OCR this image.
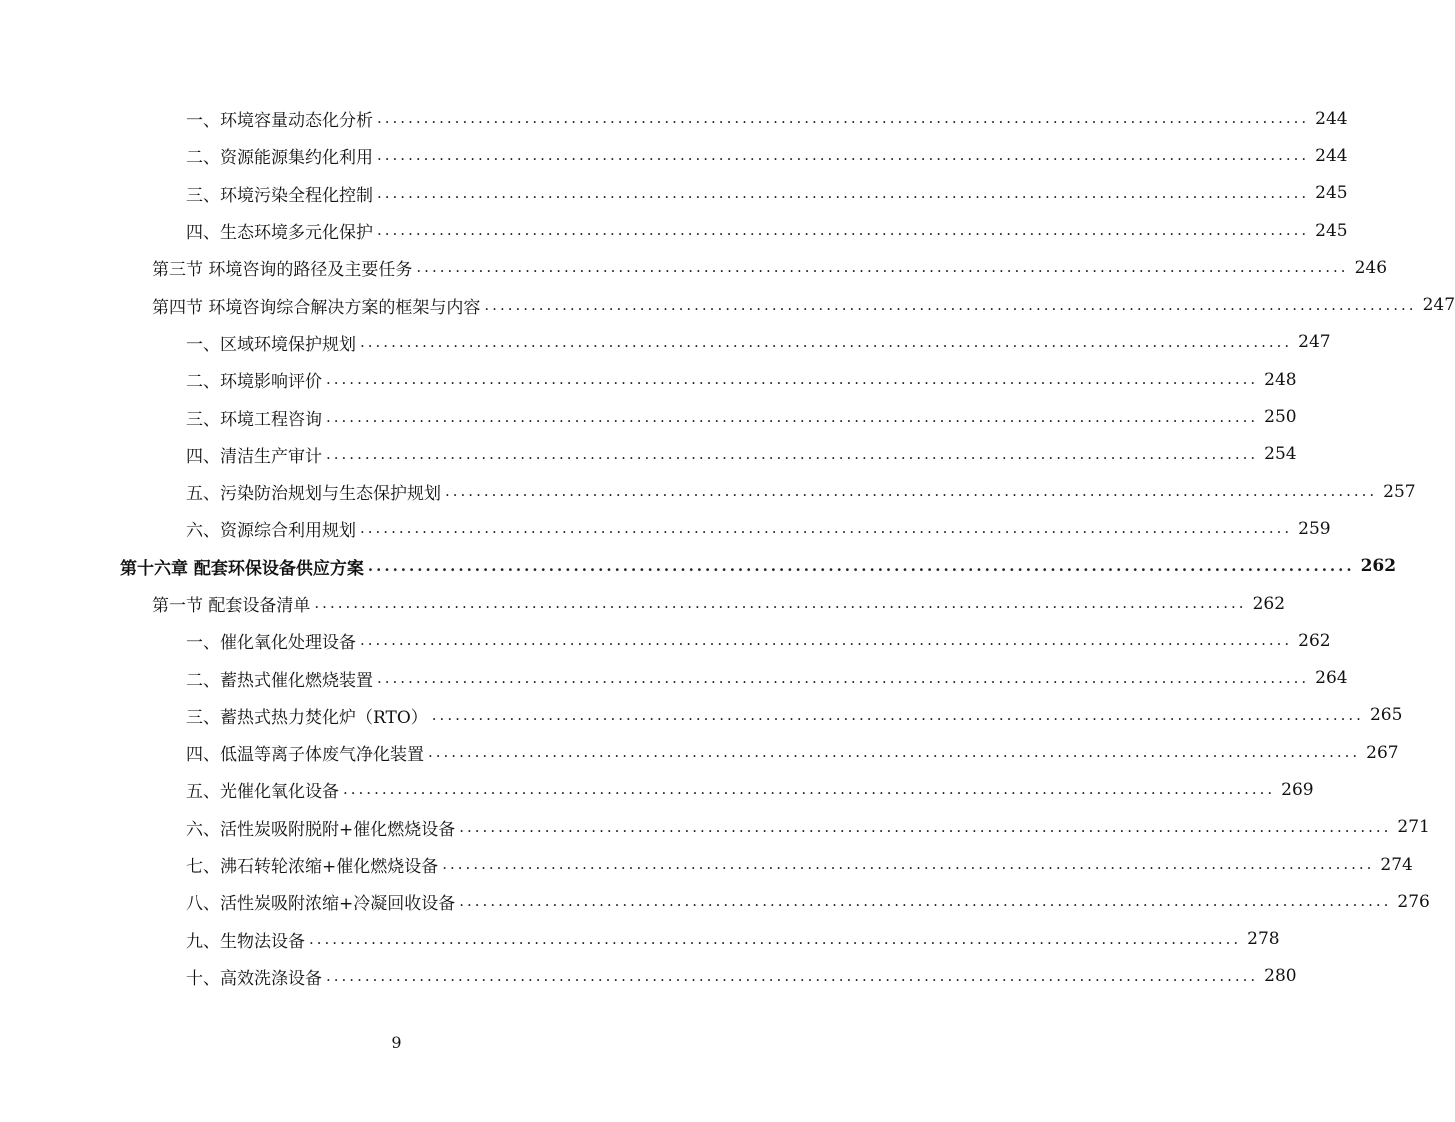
一、环境容量动态化分析 ........................................................................................................................ 244
二、资源能源集约化利用 ........................................................................................................................ 244
三、环境污染全程化控制 ........................................................................................................................ 245
四、生态环境多元化保护 ........................................................................................................................ 245
第三节 环境咨询的路径及主要任务 ........................................................................................................................ 246
第四节 环境咨询综合解决方案的框架与内容 ........................................................................................................................ 247
一、区域环境保护规划 ........................................................................................................................ 247
二、环境影响评价 ........................................................................................................................ 248
三、环境工程咨询 ........................................................................................................................ 250
四、清洁生产审计 ........................................................................................................................ 254
五、污染防治规划与生态保护规划 ........................................................................................................................ 257
六、资源综合利用规划 ........................................................................................................................ 259
第十六章 配套环保设备供应方案 ........................................................................................................................ 262
第一节 配套设备清单 ........................................................................................................................ 262
一、催化氧化处理设备 ........................................................................................................................ 262
二、蓄热式催化燃烧装置 ........................................................................................................................ 264
三、蓄热式热力焚化炉（RTO） ........................................................................................................................ 265
四、低温等离子体废气净化装置 ........................................................................................................................ 267
五、光催化氧化设备 ........................................................................................................................ 269
六、活性炭吸附脱附+催化燃烧设备 ........................................................................................................................ 271
七、沸石转轮浓缩+催化燃烧设备 ........................................................................................................................ 274
八、活性炭吸附浓缩+冷凝回收设备 ........................................................................................................................ 276
九、生物法设备 ........................................................................................................................ 278
十、高效洗涤设备 ........................................................................................................................ 280
9
